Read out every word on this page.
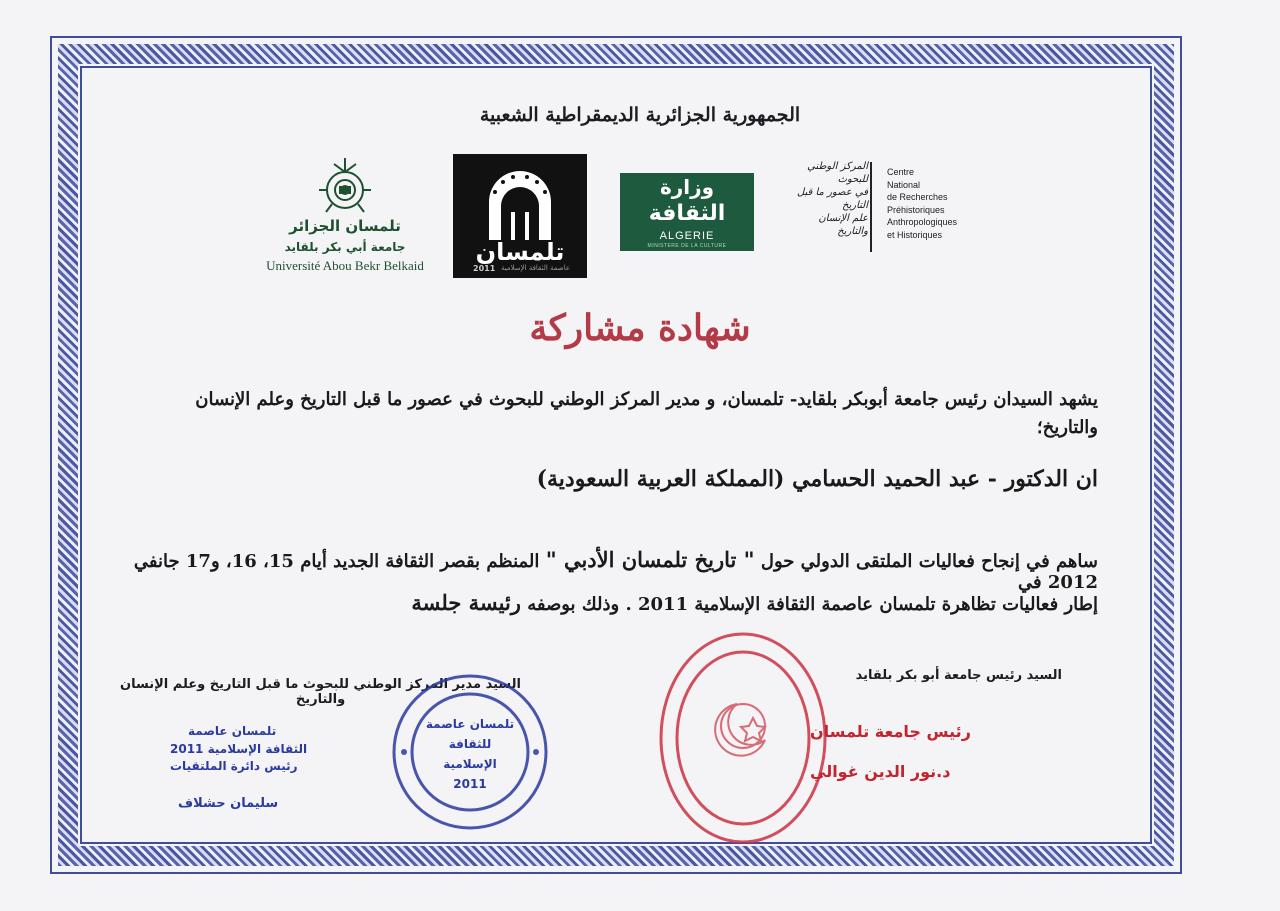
الجمهورية الجزائرية الديمقراطية الشعبية
تلمسان الجزائر
جامعة أبي بكر بلقايد
Université Abou Bekr Belkaid	تلمسان
2011 عاصمة الثقافة الإسلامية
وزارة
الثقافة
ALGERIE
MINISTERE DE LA CULTURE
المركز الوطني
للبحوث
في عصور ما قبل التاريخ
علم الإنسان
والتاريخ
Centre
National
de Recherches
Préhistoriques
Anthropologiques
et Historiques
شهادة مشاركة
يشهد السيدان رئيس جامعة أبوبكر بلقايد- تلمسان، و مدير المركز الوطني للبحوث في عصور ما قبل التاريخ وعلم الإنسان والتاريخ؛
ان الدكتور - عبد الحميد الحسامي (المملكة العربية السعودية)
ساهم في إنجاح فعاليات الملتقى الدولي حول " تاريخ تلمسان الأدبي " المنظم بقصر الثقافة الجديد أيام 15، 16، و17 جانفي 2012 في
إطار فعاليات تظاهرة تلمسان عاصمة الثقافة الإسلامية 2011 . وذلك بوصفه رئيسة جلسة
السيد رئيس جامعة أبو بكر بلقايد
السيد مدير المركز الوطني للبحوث ما قبل التاريخ وعلم الإنسان والتاريخ
رئيس جامعة تلمسان
د.نور الدين غوالي
تلمسان عاصمة
للثقافة الإسلامية
2011
تلمسان عاصمة
الثقافة الإسلامية 2011
رئيس دائرة الملتقيات
سليمان حشلاف
